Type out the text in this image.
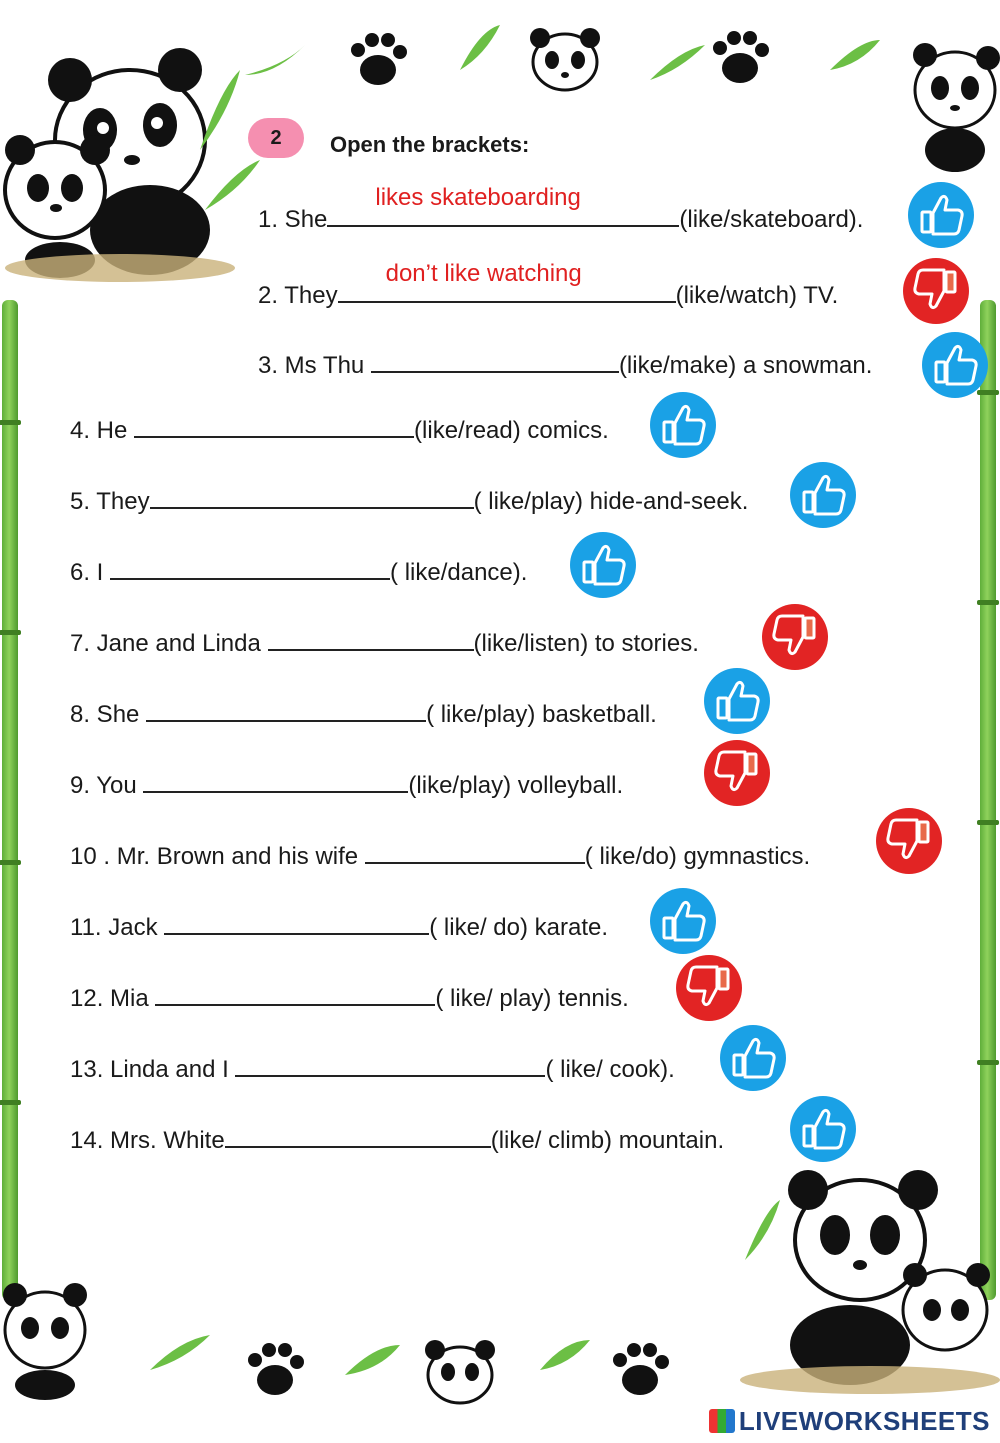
2	Open the brackets:
1. She
likes skateboarding
(like/skateboard).
2. They
don’t like watching
(like/watch) TV.
3. Ms Thu	(like/make) a snowman.
4. He	(like/read) comics.
5. They	( like/play) hide-and-seek.
6. I	( like/dance).
7. Jane and Linda	(like/listen) to stories.
8. She	( like/play) basketball.
9. You	(like/play) volleyball.
10 . Mr. Brown and his wife	( like/do) gymnastics.
11. Jack	( like/ do) karate.
12. Mia	( like/ play) tennis.
13. Linda and I	( like/ cook).
14. Mrs. White	(like/ climb) mountain.
LIVEWORKSHEETS
